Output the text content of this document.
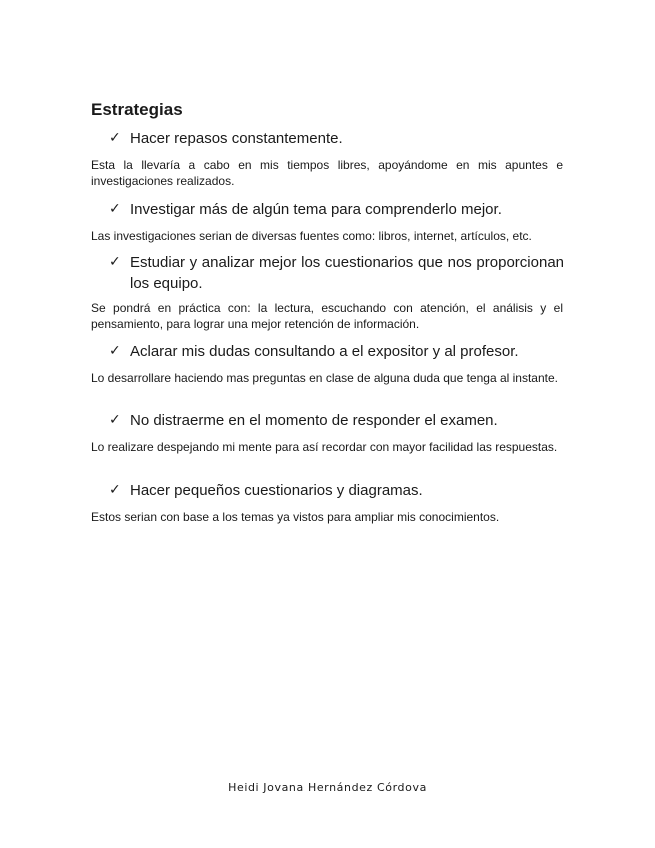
Estrategias
✓ Hacer repasos constantemente.

Esta la llevaría a cabo en mis tiempos libres, apoyándome en mis apuntes e investigaciones realizados.

✓ Investigar más de algún tema para comprenderlo mejor.

Las investigaciones serian de diversas fuentes como: libros, internet, artículos, etc.

✓ Estudiar y analizar mejor los cuestionarios que nos proporcionan los equipo.

Se pondrá en práctica con: la lectura, escuchando con atención, el análisis y el pensamiento, para lograr una mejor retención de información.

✓ Aclarar mis dudas consultando a el expositor y al profesor.

Lo desarrollare haciendo mas preguntas en clase de alguna duda que tenga al instante.

✓ No distraerme en el momento de responder el examen.

Lo realizare despejando mi mente para así recordar con mayor facilidad las respuestas.

✓ Hacer pequeños cuestionarios y diagramas.

Estos serian con base a los temas ya vistos para ampliar mis conocimientos.

Heidi Jovana Hernández Córdova
